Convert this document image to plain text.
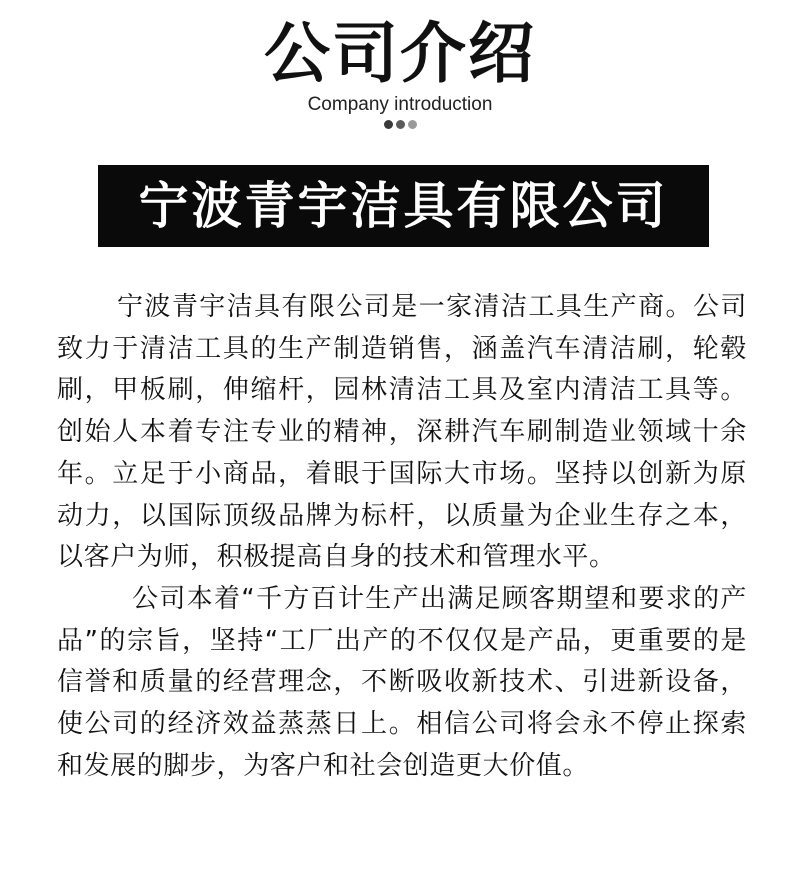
公司介绍
Company introduction
宁波青宇洁具有限公司

宁波青宇洁具有限公司是一家清洁工具生产商。公司致力于清洁工具的生产制造销售，涵盖汽车清洁刷，轮毂刷，甲板刷，伸缩杆，园林清洁工具及室内清洁工具等。创始人本着专注专业的精神，深耕汽车刷制造业领域十余年。立足于小商品，着眼于国际大市场。坚持以创新为原动力，以国际顶级品牌为标杆，以质量为企业生存之本，以客户为师，积极提高自身的技术和管理水平。

公司本着“千方百计生产出满足顾客期望和要求的产品”的宗旨，坚持“工厂出产的不仅仅是产品，更重要的是信誉和质量的经营理念，不断吸收新技术、引进新设备，使公司的经济效益蒸蒸日上。相信公司将会永不停止探索和发展的脚步，为客户和社会创造更大价值。
